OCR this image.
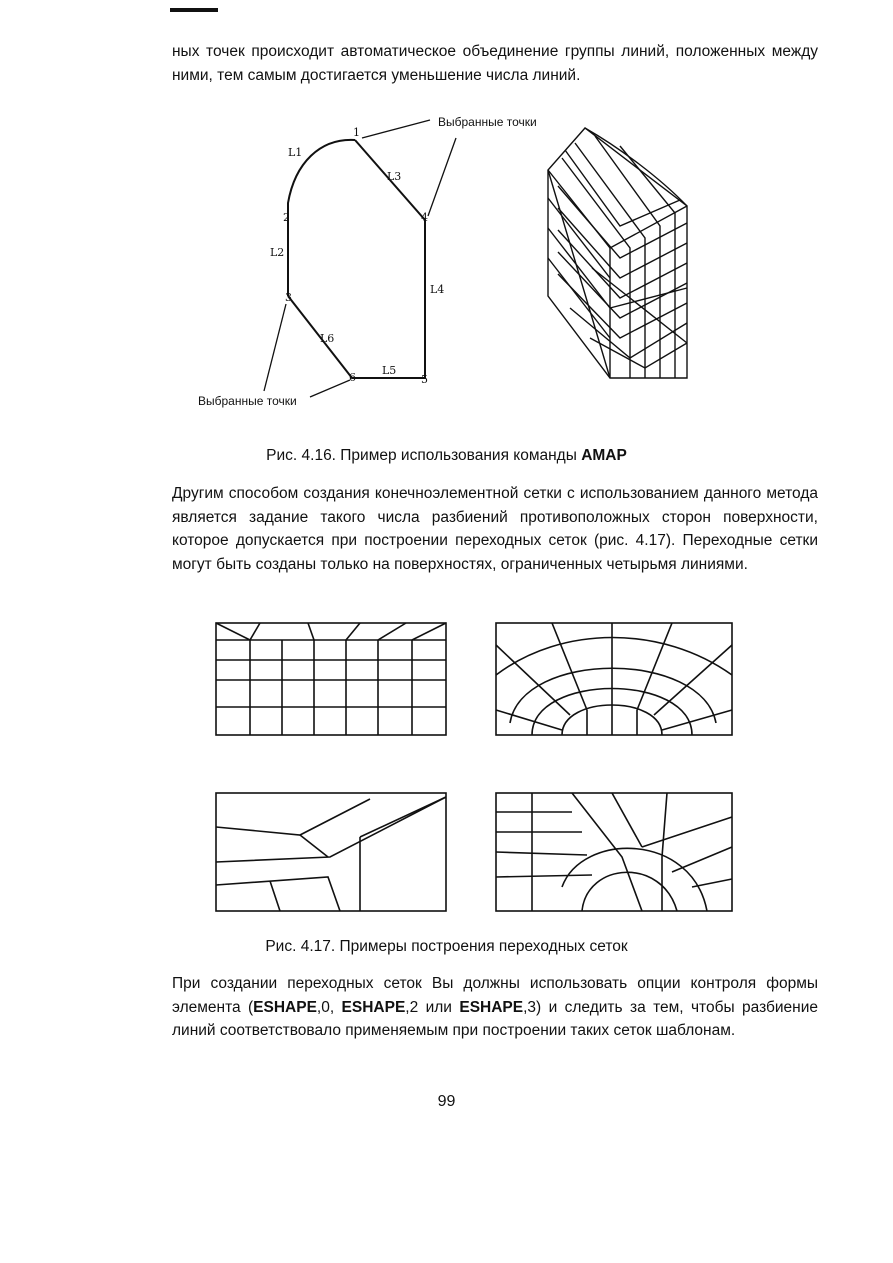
ных точек происходит автоматическое объединение группы линий, положенных между ними, тем самым достигается уменьшение числа линий.

1
2
3
4
5
6
L1
L2
L3
L4
L5
L6
Выбранные точки
Выбранные точки
Рис. 4.16. Пример использования команды AMAP

Другим способом создания конечноэлементной сетки с использованием данного метода является задание такого числа разбиений противоположных сторон поверхности, которое допускается при построении переходных сеток (рис. 4.17). Переходные сетки могут быть созданы только на поверхностях, ограниченных четырьмя линиями.

Рис. 4.17. Примеры построения переходных сеток

При создании переходных сеток Вы должны использовать опции контроля формы элемента (ESHAPE,0, ESHAPE,2 или ESHAPE,3) и следить за тем, чтобы разбиение линий соответствовало применяемым при построении таких сеток шаблонам.

99
